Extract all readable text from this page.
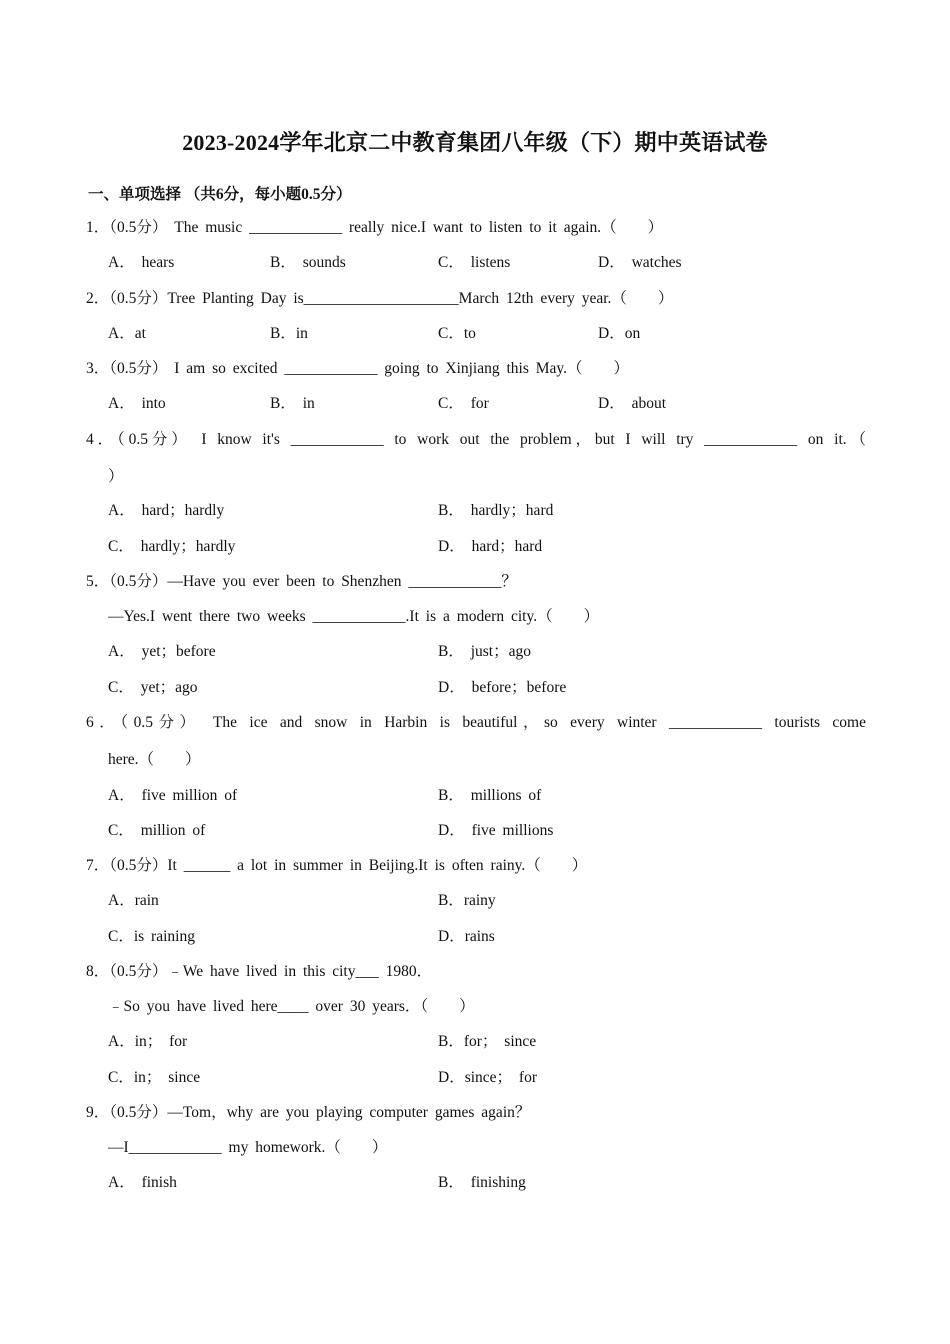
2023-2024学年北京二中教育集团八年级（下）期中英语试卷
一、单项选择 （共6分，每小题0.5分）
1．（0.5分） The music ____________ really nice.I want to listen to it again.（　　）
A． hears	B． sounds	C． listens	D． watches
2．（0.5分）Tree Planting Day is____________________March 12th every year.（　　）
A．at	B．in	C．to	D．on
3．（0.5分） I am so excited ____________ going to Xinjiang this May.（　　）
A． into	B． in	C． for	D． about
4．（0.5分） I know it's ____________ to work out the problem，but I will try ____________ on it.（
）
A． hard；hardly	B． hardly；hard
C． hardly；hardly	D． hard；hard
5．（0.5分）—Have you ever been to Shenzhen ____________？
—Yes.I went there two weeks ____________.It is a modern city.（　　）
A． yet；before	B． just；ago
C． yet；ago	D． before；before
6．（0.5分） The ice and snow in Harbin is beautiful，so every winter ____________ tourists come
here.（　　）
A． five million of	B． millions of
C． million of	D． five millions
7．（0.5分）It ______ a lot in summer in Beijing.It is often rainy.（　　）
A．rain	B．rainy
C．is raining	D．rains
8．（0.5分）﹣We have lived in this city___ 1980．
﹣So you have lived here____ over 30 years．（　　）
A．in； for	B．for； since
C．in； since	D．since； for
9．（0.5分）—Tom，why are you playing computer games again？
—I____________ my homework.（　　）
A． finish	B． finishing
